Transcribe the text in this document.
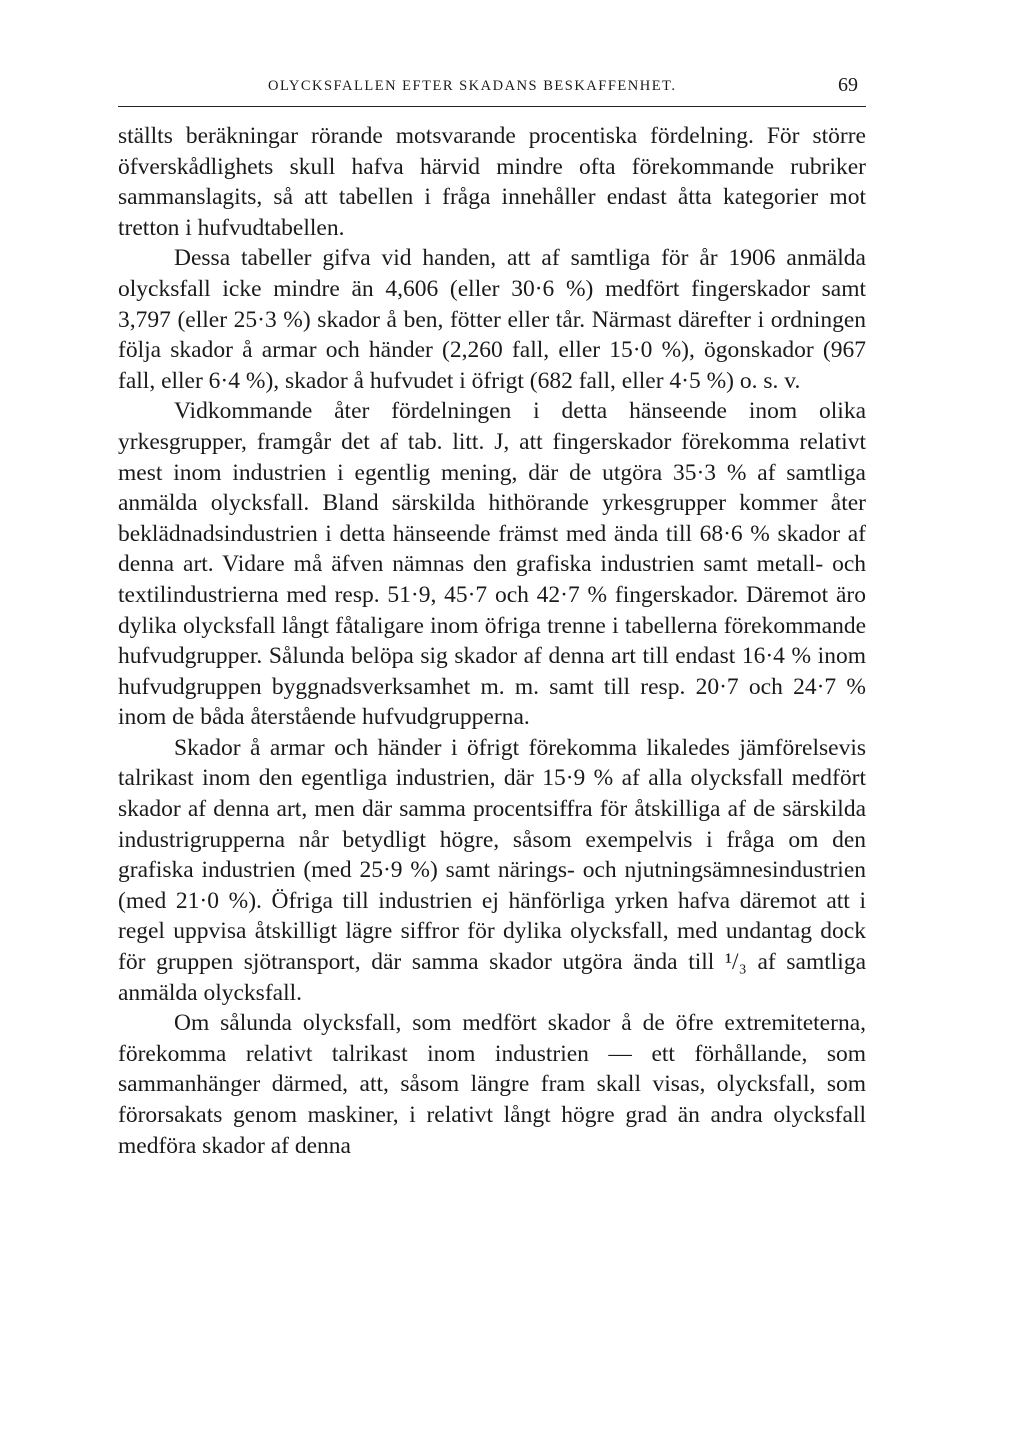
OLYCKSFALLEN EFTER SKADANS BESKAFFENHET.	69

ställts beräkningar rörande motsvarande procentiska fördelning. För större öfverskådlighets skull hafva härvid mindre ofta förekommande rubriker sammanslagits, så att tabellen i fråga innehåller endast åtta kategorier mot tretton i hufvudtabellen.

Dessa tabeller gifva vid handen, att af samtliga för år 1906 anmälda olycksfall icke mindre än 4,606 (eller 30·6 %) medfört fingerskador samt 3,797 (eller 25·3 %) skador å ben, fötter eller tår. Närmast därefter i ordningen följa skador å armar och händer (2,260 fall, eller 15·0 %), ögonskador (967 fall, eller 6·4 %), skador å hufvudet i öfrigt (682 fall, eller 4·5 %) o. s. v.

Vidkommande åter fördelningen i detta hänseende inom olika yrkesgrupper, framgår det af tab. litt. J, att fingerskador förekomma relativt mest inom industrien i egentlig mening, där de utgöra 35·3 % af samtliga anmälda olycksfall. Bland särskilda hithörande yrkesgrupper kommer åter beklädnadsindustrien i detta hänseende främst med ända till 68·6 % skador af denna art. Vidare må äfven nämnas den grafiska industrien samt metall- och textilindustrierna med resp. 51·9, 45·7 och 42·7 % fingerskador. Däremot äro dylika olycksfall långt fåtaligare inom öfriga trenne i tabellerna förekommande hufvudgrupper. Sålunda belöpa sig skador af denna art till endast 16·4 % inom hufvudgruppen byggnadsverksamhet m. m. samt till resp. 20·7 och 24·7 % inom de båda återstående hufvudgrupperna.

Skador å armar och händer i öfrigt förekomma likaledes jämförelsevis talrikast inom den egentliga industrien, där 15·9 % af alla olycksfall medfört skador af denna art, men där samma procentsiffra för åtskilliga af de särskilda industrigrupperna når betydligt högre, såsom exempelvis i fråga om den grafiska industrien (med 25·9 %) samt närings- och njutningsämnesindustrien (med 21·0 %). Öfriga till industrien ej hänförliga yrken hafva däremot att i regel uppvisa åtskilligt lägre siffror för dylika olycksfall, med undantag dock för gruppen sjötransport, där samma skador utgöra ända till ¹/₃ af samtliga anmälda olycksfall.

Om sålunda olycksfall, som medfört skador å de öfre extremiteterna, förekomma relativt talrikast inom industrien — ett förhållande, som sammanhänger därmed, att, såsom längre fram skall visas, olycksfall, som förorsakats genom maskiner, i relativt långt högre grad än andra olycksfall medföra skador af denna
